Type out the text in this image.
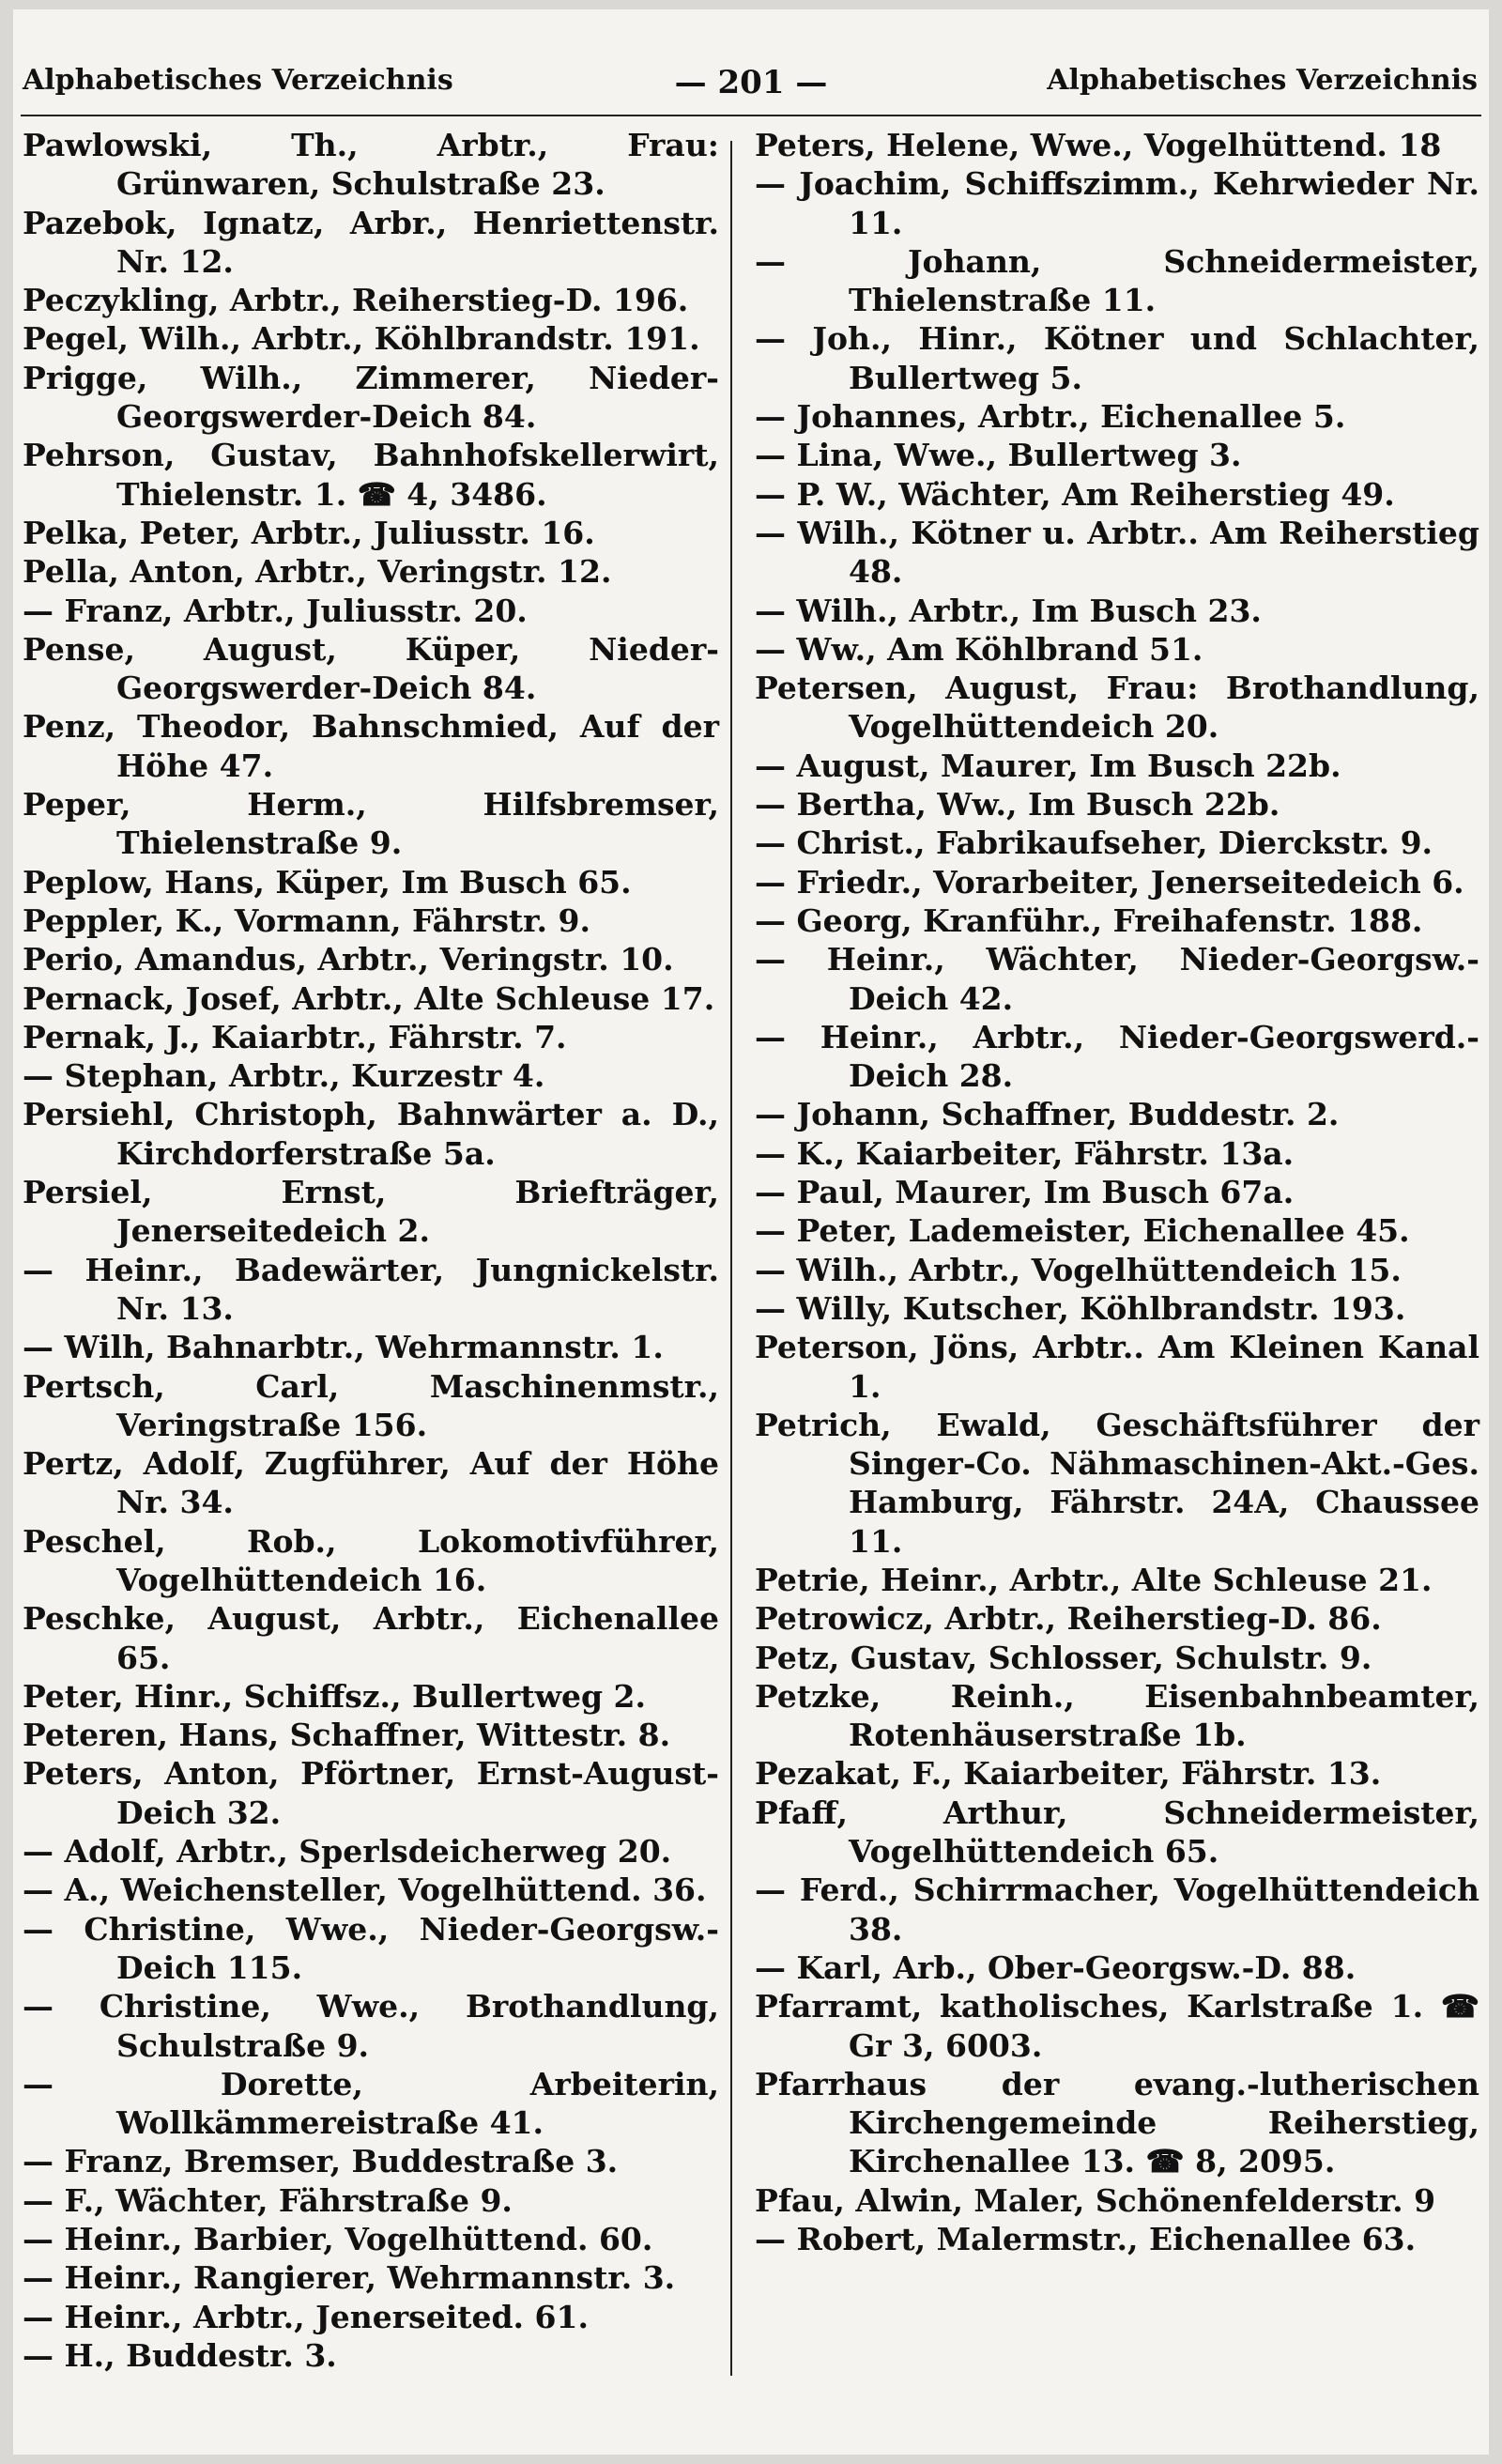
Alphabetisches Verzeichnis	— 201 —	Alphabetisches Verzeichnis
Pawlowski, Th., Arbtr., Frau: Grünwaren, Schulstraße 23.
Pazebok, Ignatz, Arbr., Henriettenstr. Nr. 12.
Peczykling, Arbtr., Reiherstieg-D. 196.
Pegel, Wilh., Arbtr., Köhlbrandstr. 191.
Prigge, Wilh., Zimmerer, Nieder-Georgswerder-Deich 84.
Pehrson, Gustav, Bahnhofskellerwirt, Thielenstr. 1. ☎ 4, 3486.
Pelka, Peter, Arbtr., Juliusstr. 16.
Pella, Anton, Arbtr., Veringstr. 12.
— Franz, Arbtr., Juliusstr. 20.
Pense, August, Küper, Nieder-Georgswerder-Deich 84.
Penz, Theodor, Bahnschmied, Auf der Höhe 47.
Peper, Herm., Hilfsbremser, Thielenstraße 9.
Peplow, Hans, Küper, Im Busch 65.
Peppler, K., Vormann, Fährstr. 9.
Perio, Amandus, Arbtr., Veringstr. 10.
Pernack, Josef, Arbtr., Alte Schleuse 17.
Pernak, J., Kaiarbtr., Fährstr. 7.
— Stephan, Arbtr., Kurzestr 4.
Persiehl, Christoph, Bahnwärter a. D., Kirchdorferstraße 5a.
Persiel, Ernst, Briefträger, Jenerseitedeich 2.
— Heinr., Badewärter, Jungnickelstr. Nr. 13.
— Wilh, Bahnarbtr., Wehrmannstr. 1.
Pertsch, Carl, Maschinenmstr., Veringstraße 156.
Pertz, Adolf, Zugführer, Auf der Höhe Nr. 34.
Peschel, Rob., Lokomotivführer, Vogelhüttendeich 16.
Peschke, August, Arbtr., Eichenallee 65.
Peter, Hinr., Schiffsz., Bullertweg 2.
Peteren, Hans, Schaffner, Wittestr. 8.
Peters, Anton, Pförtner, Ernst-August-Deich 32.
— Adolf, Arbtr., Sperlsdeicherweg 20.
— A., Weichensteller, Vogelhüttend. 36.
— Christine, Wwe., Nieder-Georgsw.-Deich 115.
— Christine, Wwe., Brothandlung, Schulstraße 9.
— Dorette, Arbeiterin, Wollkämmereistraße 41.
— Franz, Bremser, Buddestraße 3.
— F., Wächter, Fährstraße 9.
— Heinr., Barbier, Vogelhüttend. 60.
— Heinr., Rangierer, Wehrmannstr. 3.
— Heinr., Arbtr., Jenerseited. 61.
— H., Buddestr. 3.
Peters, Helene, Wwe., Vogelhüttend. 18
— Joachim, Schiffszimm., Kehrwieder Nr. 11.
— Johann, Schneidermeister, Thielenstraße 11.
— Joh., Hinr., Kötner und Schlachter, Bullertweg 5.
— Johannes, Arbtr., Eichenallee 5.
— Lina, Wwe., Bullertweg 3.
— P. W., Wächter, Am Reiherstieg 49.
— Wilh., Kötner u. Arbtr.. Am Reiherstieg 48.
— Wilh., Arbtr., Im Busch 23.
— Ww., Am Köhlbrand 51.
Petersen, August, Frau: Brothandlung, Vogelhüttendeich 20.
— August, Maurer, Im Busch 22b.
— Bertha, Ww., Im Busch 22b.
— Christ., Fabrikaufseher, Dierckstr. 9.
— Friedr., Vorarbeiter, Jenerseitedeich 6.
— Georg, Kranführ., Freihafenstr. 188.
— Heinr., Wächter, Nieder-Georgsw.-Deich 42.
— Heinr., Arbtr., Nieder-Georgswerd.-Deich 28.
— Johann, Schaffner, Buddestr. 2.
— K., Kaiarbeiter, Fährstr. 13a.
— Paul, Maurer, Im Busch 67a.
— Peter, Lademeister, Eichenallee 45.
— Wilh., Arbtr., Vogelhüttendeich 15.
— Willy, Kutscher, Köhlbrandstr. 193.
Peterson, Jöns, Arbtr.. Am Kleinen Kanal 1.
Petrich, Ewald, Geschäftsführer der Singer-Co. Nähmaschinen-Akt.-Ges. Hamburg, Fährstr. 24A, Chaussee 11.
Petrie, Heinr., Arbtr., Alte Schleuse 21.
Petrowicz, Arbtr., Reiherstieg-D. 86.
Petz, Gustav, Schlosser, Schulstr. 9.
Petzke, Reinh., Eisenbahnbeamter, Rotenhäuserstraße 1b.
Pezakat, F., Kaiarbeiter, Fährstr. 13.
Pfaff, Arthur, Schneidermeister, Vogelhüttendeich 65.
— Ferd., Schirrmacher, Vogelhüttendeich 38.
— Karl, Arb., Ober-Georgsw.-D. 88.
Pfarramt, katholisches, Karlstraße 1. ☎ Gr 3, 6003.
Pfarrhaus der evang.-lutherischen Kirchengemeinde Reiherstieg, Kirchenallee 13. ☎ 8, 2095.
Pfau, Alwin, Maler, Schönenfelderstr. 9
— Robert, Malermstr., Eichenallee 63.
